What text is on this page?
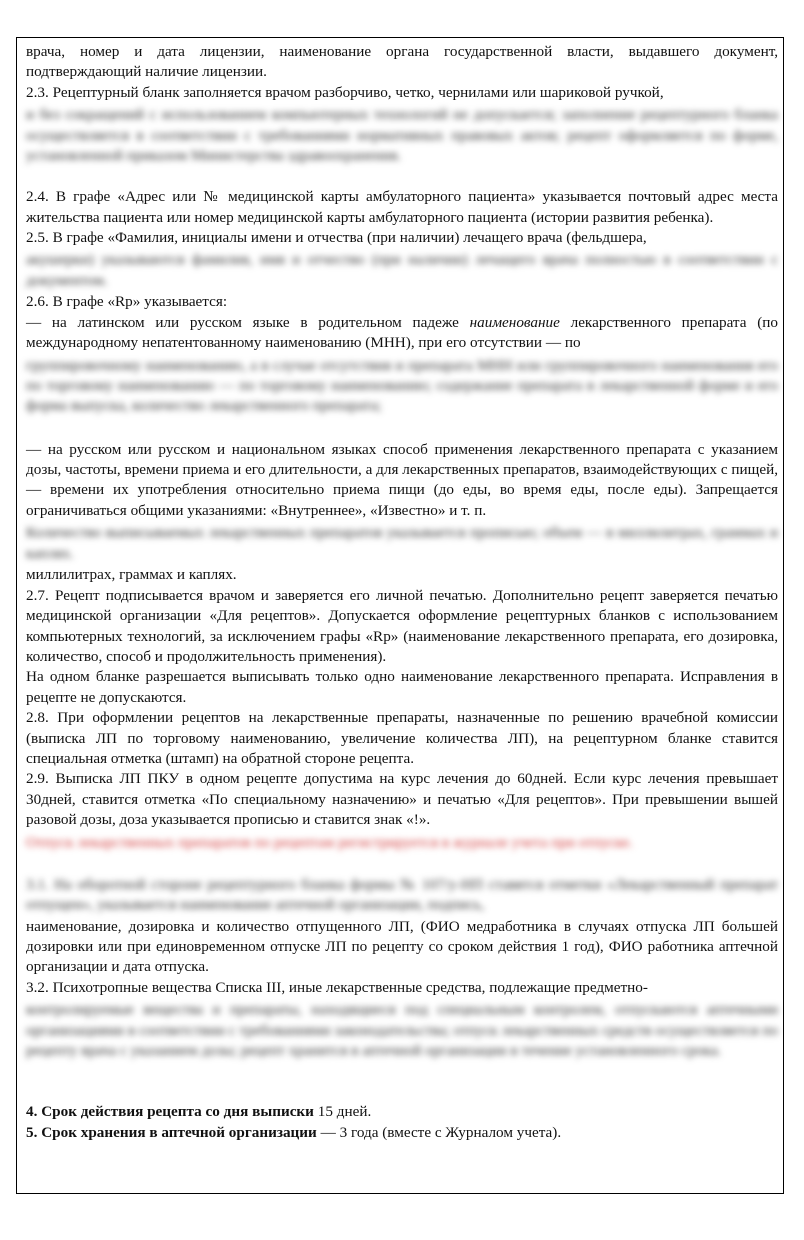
врача, номер и дата лицензии, наименование органа государственной власти, выдавшего документ, подтверждающий наличие лицензии.

2.3. Рецептурный бланк заполняется врачом разборчиво, четко, чернилами или шариковой ручкой,

и без сокращений с использованием компьютерных технологий не допускается; заполнение рецептурного бланка осуществляется в соответствии с требованиями нормативных правовых актов; рецепт оформляется по форме, установленной приказом Министерства здравоохранения.

2.4. В графе «Адрес или № медицинской карты амбулаторного пациента» указывается почтовый адрес места жительства пациента или номер медицинской карты амбулаторного пациента (истории развития ребенка).

2.5. В графе «Фамилия, инициалы имени и отчества (при наличии) лечащего врача (фельдшера,

акушерки) указываются фамилия, имя и отчество (при наличии) лечащего врача полностью в соответствии с документом.

2.6. В графе «Rp» указывается:

— на латинском или русском языке в родительном падеже наименование лекарственного препарата (по международному непатентованному наименованию (МНН), при его отсутствии — по

группировочному наименованию, а в случае отсутствия и препарата МНН или группировочного наименования его по торговому наименованию — по торговому наименованию; содержание препарата в лекарственной форме и его форма выпуска, количество лекарственного препарата;

— на русском или русском и национальном языках способ применения лекарственного препарата с указанием дозы, частоты, времени приема и его длительности, а для лекарственных препаратов, взаимодействующих с пищей, — времени их употребления относительно приема пищи (до еды, во время еды, после еды). Запрещается ограничиваться общими указаниями: «Внутреннее», «Известно» и т. п.

Количество выписываемых лекарственных препаратов указывается прописью; объем — в миллилитрах, граммах и каплях.

миллилитрах, граммах и каплях.

2.7. Рецепт подписывается врачом и заверяется его личной печатью. Дополнительно рецепт заверяется печатью медицинской организации «Для рецептов». Допускается оформление рецептурных бланков с использованием компьютерных технологий, за исключением графы «Rp» (наименование лекарственного препарата, его дозировка, количество, способ и продолжительность применения).

На одном бланке разрешается выписывать только одно наименование лекарственного препарата. Исправления в рецепте не допускаются.

2.8. При оформлении рецептов на лекарственные препараты, назначенные по решению врачебной комиссии (выписка ЛП по торговому наименованию, увеличение количества ЛП), на рецептурном бланке ставится специальная отметка (штамп) на обратной стороне рецепта.

2.9. Выписка ЛП ПКУ в одном рецепте допустима на курс лечения до 60дней. Если курс лечения превышает 30дней, ставится отметка «По специальному назначению» и печатью «Для рецептов». При превышении вышей разовой дозы, доза указывается прописью и ставится знак «!».

Отпуск лекарственных препаратов по рецептам регистрируется в журнале учета при отпуске.

3.1. На оборотной стороне рецептурного бланка формы № 107/у-НП ставятся отметки «Лекарственный препарат отпущен», указывается наименование аптечной организации, подпись,

наименование, дозировка и количество отпущенного ЛП, (ФИО медработника в случаях отпуска ЛП большей дозировки или при единовременном отпуске ЛП по рецепту со сроком действия 1 год), ФИО работника аптечной организации и дата отпуска.

3.2. Психотропные вещества Списка III, иные лекарственные средства, подлежащие предметно-

контролируемые вещества и препараты, находящиеся под специальным контролем, отпускаются аптечными организациями в соответствии с требованиями законодательства; отпуск лекарственных средств осуществляется по рецепту врача с указанием дозы; рецепт хранится в аптечной организации в течение установленного срока.

4. Срок действия рецепта со дня выписки 15 дней.

5. Срок хранения в аптечной организации — 3 года (вместе с Журналом учета).
